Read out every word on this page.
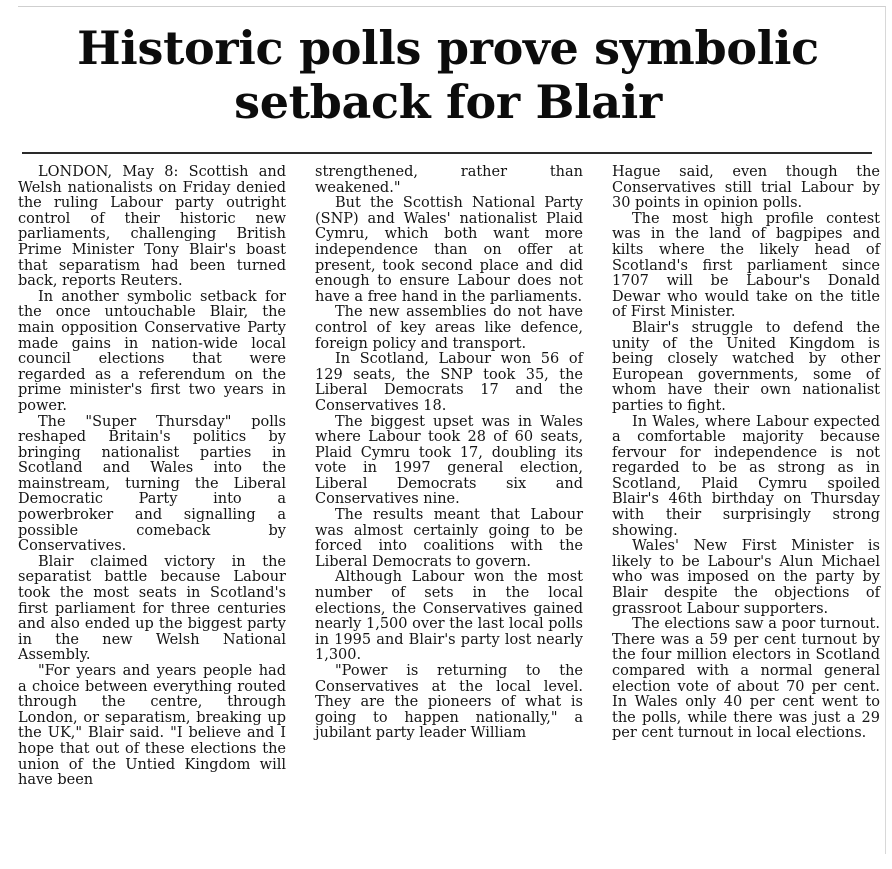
Historic polls prove symbolic setback for Blair

LONDON, May 8: Scottish and Welsh nationalists on Friday denied the ruling Labour party outright control of their historic new parliaments, challenging British Prime Minister Tony Blair's boast that separatism had been turned back, reports Reuters.

In another symbolic setback for the once untouchable Blair, the main opposition Conservative Party made gains in nation-wide local council elections that were regarded as a referendum on the prime minister's first two years in power.

The "Super Thursday" polls reshaped Britain's politics by bringing nationalist parties in Scotland and Wales into the mainstream, turning the Liberal Democratic Party into a powerbroker and signalling a possible comeback by Conservatives.

Blair claimed victory in the separatist battle because Labour took the most seats in Scotland's first parliament for three centuries and also ended up the biggest party in the new Welsh National Assembly.

"For years and years people had a choice between everything routed through the centre, through London, or separatism, breaking up the UK," Blair said. "I believe and I hope that out of these elections the union of the Untied Kingdom will have been

strengthened, rather than weakened."

But the Scottish National Party (SNP) and Wales' nationalist Plaid Cymru, which both want more independence than on offer at present, took second place and did enough to ensure Labour does not have a free hand in the parliaments.

The new assemblies do not have control of key areas like defence, foreign policy and transport.

In Scotland, Labour won 56 of 129 seats, the SNP took 35, the Liberal Democrats 17 and the Conservatives 18.

The biggest upset was in Wales where Labour took 28 of 60 seats, Plaid Cymru took 17, doubling its vote in 1997 general election, Liberal Democrats six and Conservatives nine.

The results meant that Labour was almost certainly going to be forced into coalitions with the Liberal Democrats to govern.

Although Labour won the most number of sets in the local elections, the Conservatives gained nearly 1,500 over the last local polls in 1995 and Blair's party lost nearly 1,300.

"Power is returning to the Conservatives at the local level. They are the pioneers of what is going to happen nationally," a jubilant party leader William

Hague said, even though the Conservatives still trial Labour by 30 points in opinion polls.

The most high profile contest was in the land of bagpipes and kilts where the likely head of Scotland's first parliament since 1707 will be Labour's Donald Dewar who would take on the title of First Minister.

Blair's struggle to defend the unity of the United Kingdom is being closely watched by other European governments, some of whom have their own nationalist parties to fight.

In Wales, where Labour expected a comfortable majority because fervour for independence is not regarded to be as strong as in Scotland, Plaid Cymru spoiled Blair's 46th birthday on Thursday with their surprisingly strong showing.

Wales' New First Minister is likely to be Labour's Alun Michael who was imposed on the party by Blair despite the objections of grassroot Labour supporters.

The elections saw a poor turnout. There was a 59 per cent turnout by the four million electors in Scotland compared with a normal general election vote of about 70 per cent. In Wales only 40 per cent went to the polls, while there was just a 29 per cent turnout in local elections.
